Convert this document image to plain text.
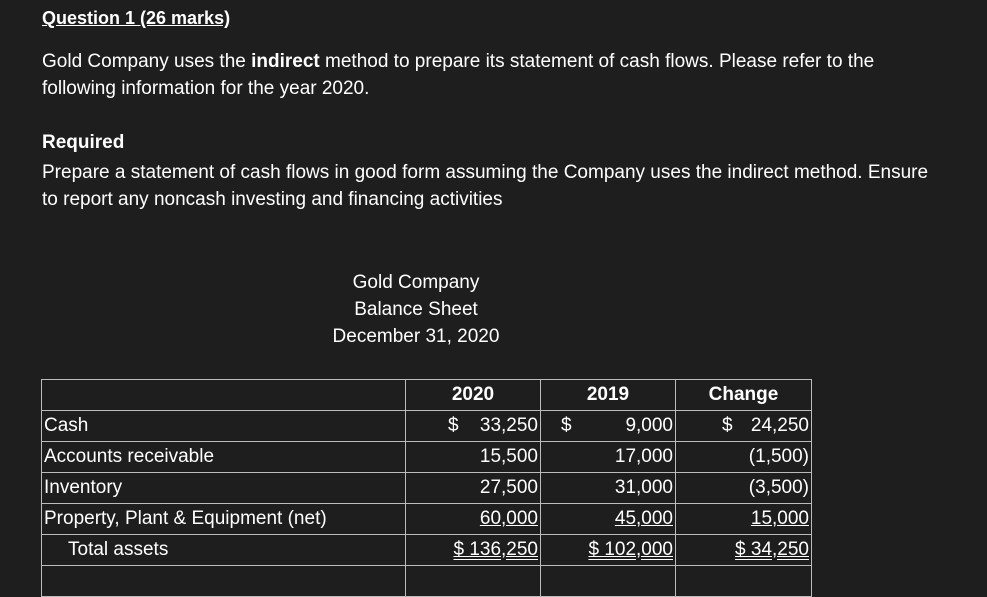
Question 1 (26 marks)
Gold Company uses the indirect method to prepare its statement of cash flows. Please refer to the following information for the year 2020.
Required
Prepare a statement of cash flows in good form assuming the Company uses the indirect method. Ensure to report any noncash investing and financing activities
Gold Company
Balance Sheet
December 31, 2020
	2020	2019	Change
Cash	$ 33,250	$ 9,000	$ 24,250

Accounts receivable	15,500	17,000	(1,500)
Inventory	27,500	31,000	(3,500)
Property, Plant & Equipment (net)	60,000	45,000	15,000
Total assets	$ 136,250	$ 102,000	$ 34,250
